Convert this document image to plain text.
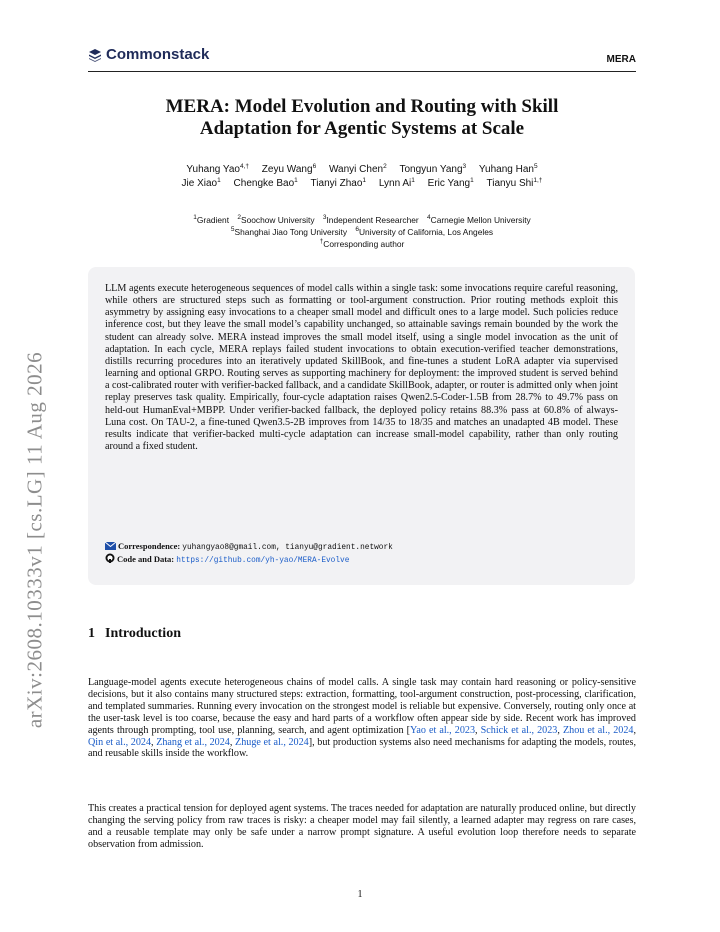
arXiv:2608.10333v1 [cs.LG] 11 Aug 2026
Commonstack	MERA
MERA: Model Evolution and Routing with Skill
Adaptation for Agentic Systems at Scale
Yuhang Yao$^{4,\dagger}$ Zeyu Wang$^6$ Wanyi Chen$^2$ Tongyun Yang$^3$ Yuhang Han$^5$
Jie Xiao$^1$ Chengke Bao$^1$ Tianyi Zhao$^1$ Lynn Ai$^1$ Eric Yang$^1$ Tianyu Shi$^{1,\dagger}$
$^1$Gradient $^2$Soochow University $^3$Independent Researcher $^4$Carnegie Mellon University
$^5$Shanghai Jiao Tong University $^6$University of California, Los Angeles
†Corresponding author

LLM agents execute heterogeneous sequences of model calls within a single task: some invocations require careful reasoning, while others are structured steps such as formatting or tool-argument construction. Prior routing methods exploit this asymmetry by assigning easy invocations to a cheaper small model and difficult ones to a large model. Such policies reduce inference cost, but they leave the small model’s capability unchanged, so attainable savings remain bounded by the work the student can already solve. MERA instead improves the small model itself, using a single model invocation as the unit of adaptation. In each cycle, MERA replays failed student invocations to obtain execution-verified teacher demonstrations, distills recurring procedures into an iteratively updated SkillBook, and fine-tunes a student LoRA adapter via supervised learning and optional GRPO. Routing serves as supporting machinery for deployment: the improved student is served behind a cost-calibrated router with verifier-backed fallback, and a candidate SkillBook, adapter, or router is admitted only when joint replay preserves task quality. Empirically, four-cycle adaptation raises Qwen2.5-Coder-1.5B from 28.7% to 49.7% pass on held-out HumanEval+MBPP. Under verifier-backed fallback, the deployed policy retains 88.3% pass at 60.8% of always-Luna cost. On TAU-2, a fine-tuned Qwen3.5-2B improves from 14/35 to 18/35 and matches an unadapted 4B model. These results indicate that verifier-backed multi-cycle adaptation can increase small-model capability, rather than only routing around a fixed student.

Correspondence: yuhangyao8@gmail.com, tianyu@gradient.network
Code and Data: https://github.com/yh-yao/MERA-Evolve
1 Introduction

Language-model agents execute heterogeneous chains of model calls. A single task may contain hard reasoning or policy-sensitive decisions, but it also contains many structured steps: extraction, formatting, tool-argument construction, post-processing, clarification, and templated summaries. Running every invocation on the strongest model is reliable but expensive. Conversely, routing only once at the user-task level is too coarse, because the easy and hard parts of a workflow often appear side by side. Recent work has improved agents through prompting, tool use, planning, search, and agent optimization [Yao et al., 2023, Schick et al., 2023, Zhou et al., 2024, Qin et al., 2024, Zhang et al., 2024, Zhuge et al., 2024], but production systems also need mechanisms for adapting the models, routes, and reusable skills inside the workflow.

This creates a practical tension for deployed agent systems. The traces needed for adaptation are naturally produced online, but directly changing the serving policy from raw traces is risky: a cheaper model may fail silently, a learned adapter may regress on rare cases, and a reusable template may only be safe under a narrow prompt signature. A useful evolution loop therefore needs to separate observation from admission.

1
